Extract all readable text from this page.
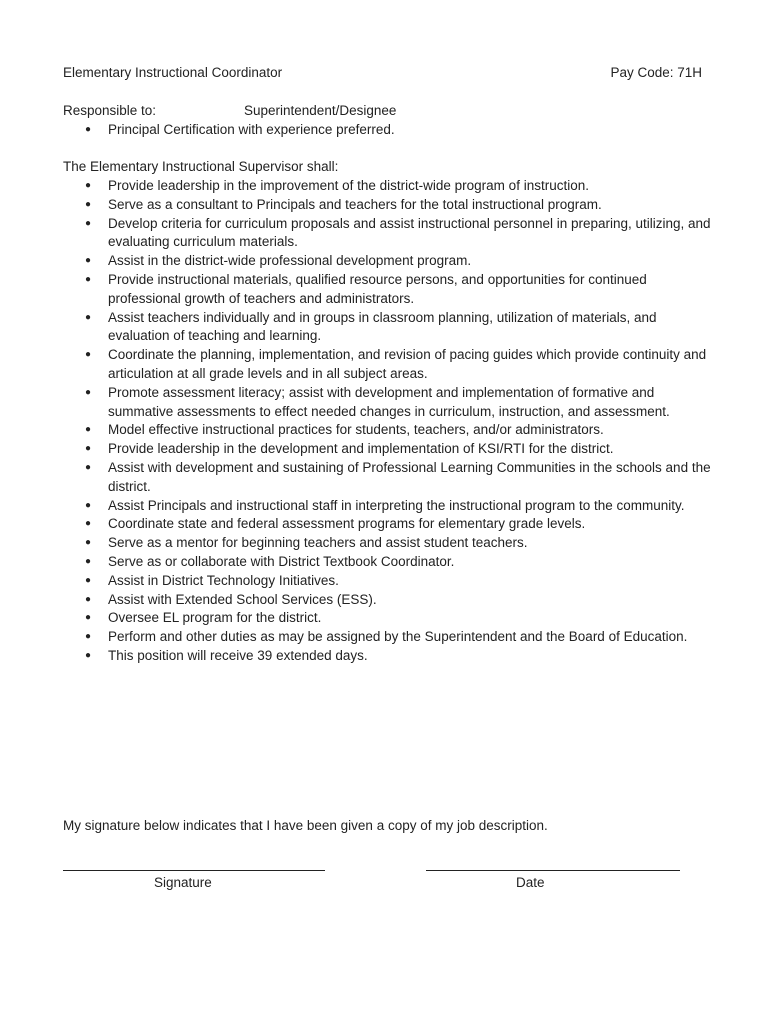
Elementary Instructional Coordinator	Pay Code: 71H
Responsible to:	Superintendent/Designee
● Principal Certification with experience preferred.
The Elementary Instructional Supervisor shall:
● Provide leadership in the improvement of the district-wide program of instruction.
● Serve as a consultant to Principals and teachers for the total instructional program.
● Develop criteria for curriculum proposals and assist instructional personnel in preparing, utilizing, and evaluating curriculum materials.
● Assist in the district-wide professional development program.
● Provide instructional materials, qualified resource persons, and opportunities for continued professional growth of teachers and administrators.
● Assist teachers individually and in groups in classroom planning, utilization of materials, and evaluation of teaching and learning.
● Coordinate the planning, implementation, and revision of pacing guides which provide continuity and articulation at all grade levels and in all subject areas.
● Promote assessment literacy; assist with development and implementation of formative and summative assessments to effect needed changes in curriculum, instruction, and assessment.
● Model effective instructional practices for students, teachers, and/or administrators.
● Provide leadership in the development and implementation of KSI/RTI for the district.
● Assist with development and sustaining of Professional Learning Communities in the schools and the district.
● Assist Principals and instructional staff in interpreting the instructional program to the community.
● Coordinate state and federal assessment programs for elementary grade levels.
● Serve as a mentor for beginning teachers and assist student teachers.
● Serve as or collaborate with District Textbook Coordinator.
● Assist in District Technology Initiatives.
● Assist with Extended School Services (ESS).
● Oversee EL program for the district.
● Perform and other duties as may be assigned by the Superintendent and the Board of Education.
● This position will receive 39 extended days.
My signature below indicates that I have been given a copy of my job description.
Signature	Date
